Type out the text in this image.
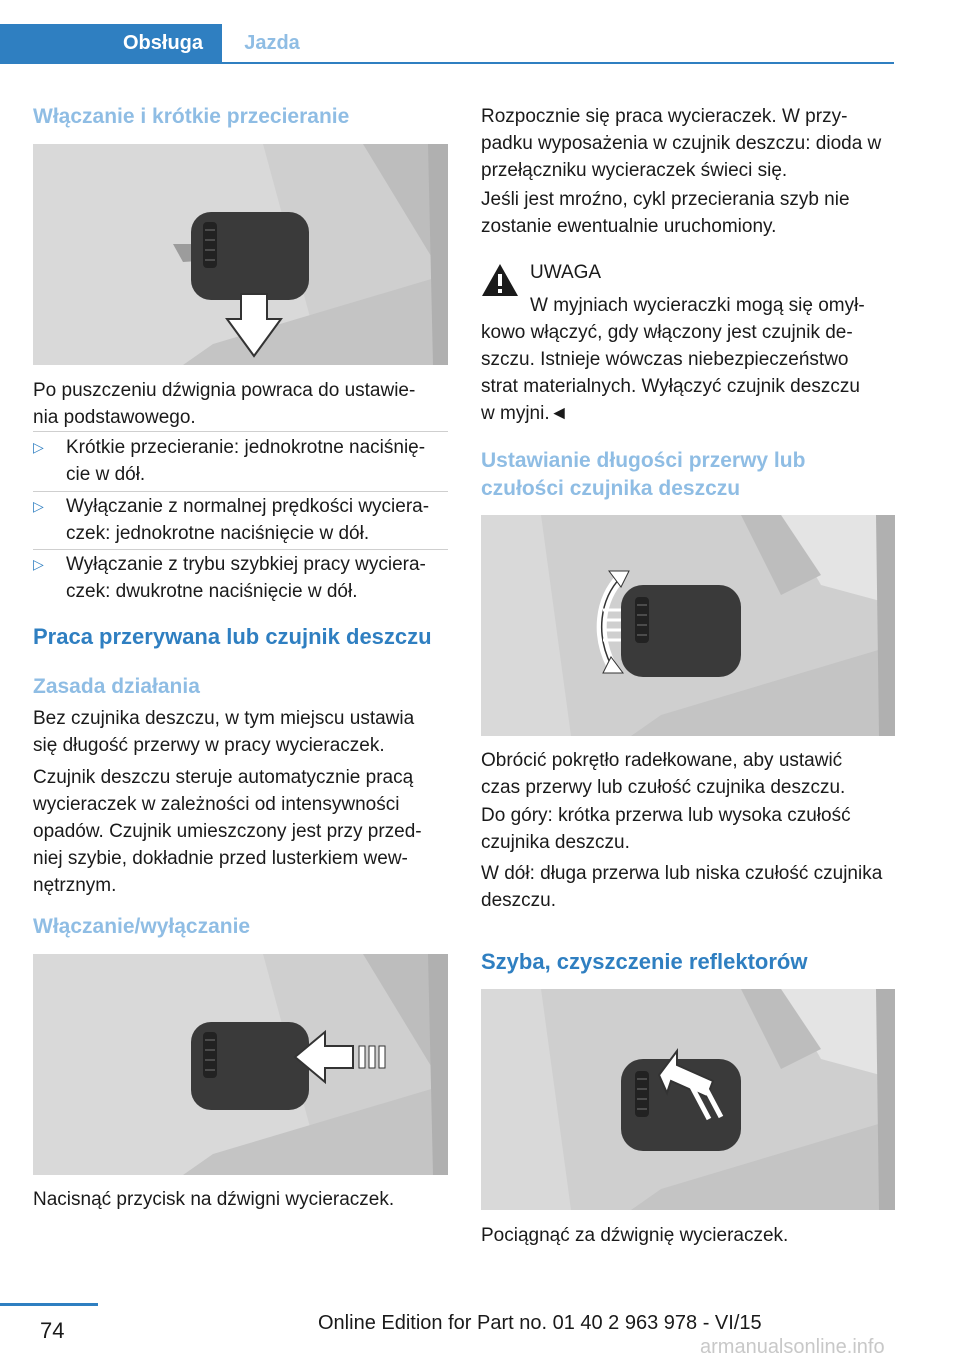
Obsługa	Jazda
Włączanie i krótkie przecieranie

Po puszczeniu dźwignia powraca do ustawie-
nia podstawowego.

▷ Krótkie przecieranie: jednokrotne naciśnię-
cie w dół.
▷ Wyłączanie z normalnej prędkości wyciera-
czek: jednokrotne naciśnięcie w dół.
▷ Wyłączanie z trybu szybkiej pracy wyciera-
czek: dwukrotne naciśnięcie w dół.
Praca przerywana lub czujnik deszczu
Zasada działania

Bez czujnika deszczu, w tym miejscu ustawia
się długość przerwy w pracy wycieraczek.

Czujnik deszczu steruje automatycznie pracą
wycieraczek w zależności od intensywności
opadów. Czujnik umieszczony jest przy przed-
niej szybie, dokładnie przed lusterkiem wew-
nętrznym.

Włączanie/wyłączanie

Nacisnąć przycisk na dźwigni wycieraczek.

Rozpocznie się praca wycieraczek. W przy-
padku wyposażenia w czujnik deszczu: dioda w
przełączniku wycieraczek świeci się.

Jeśli jest mroźno, cykl przecierania szyb nie
zostanie ewentualnie uruchomiony.

UWAGA

W myjniach wycieraczki mogą się omył-
kowo włączyć, gdy włączony jest czujnik de-
szczu. Istnieje wówczas niebezpieczeństwo
strat materialnych. Wyłączyć czujnik deszczu
w myjni.◄

Ustawianie długości przerwy lub
czułości czujnika deszczu

Obrócić pokrętło radełkowane, aby ustawić
czas przerwy lub czułość czujnika deszczu.

Do góry: krótka przerwa lub wysoka czułość
czujnika deszczu.

W dół: długa przerwa lub niska czułość czujnika
deszczu.

Szyba, czyszczenie reflektorów

Pociągnąć za dźwignię wycieraczek.

74	Online Edition for Part no. 01 40 2 963 978 - VI/15
armanualsonline.info
